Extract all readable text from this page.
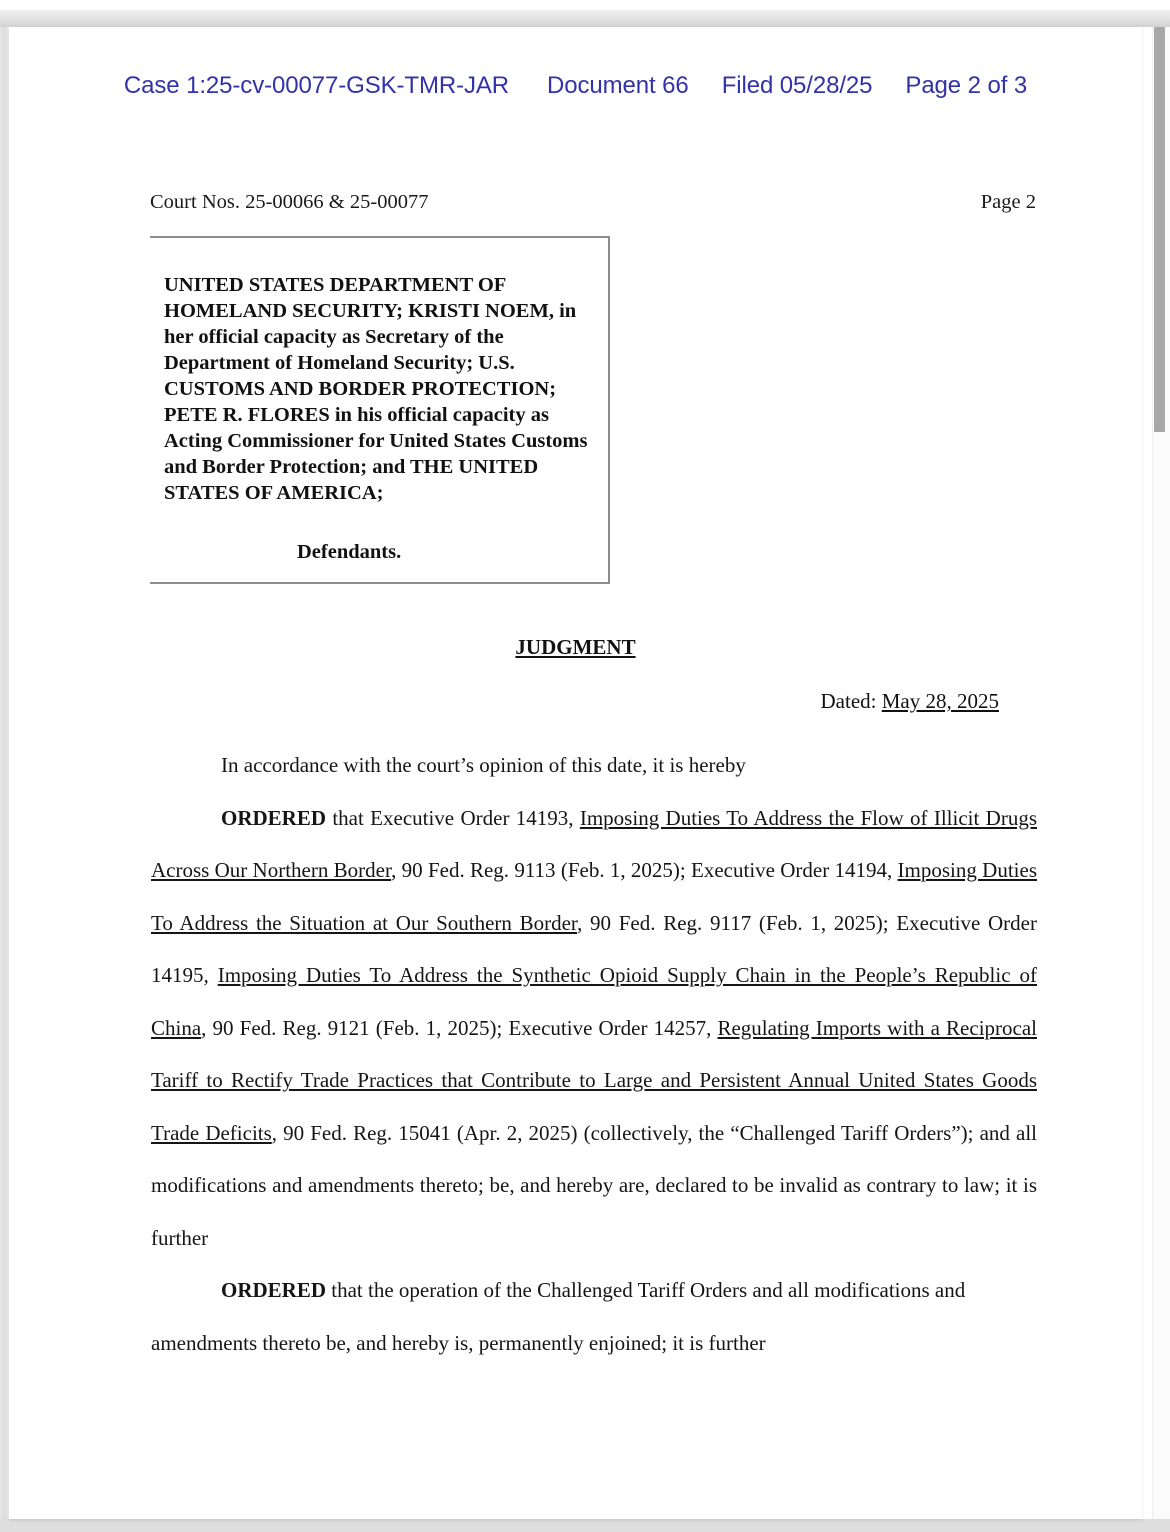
Case 1:25-cv-00077-GSK-TMR-JAR Document 66 Filed 05/28/25 Page 2 of 3
Court Nos. 25-00066 & 25-00077	Page 2
UNITED STATES DEPARTMENT OF HOMELAND SECURITY; KRISTI NOEM, in her official capacity as Secretary of the Department of Homeland Security; U.S. CUSTOMS AND BORDER PROTECTION; PETE R. FLORES in his official capacity as Acting Commissioner for United States Customs and Border Protection; and THE UNITED STATES OF AMERICA;
Defendants.
JUDGMENT
Dated: May 28, 2025

In accordance with the court’s opinion of this date, it is hereby

ORDERED that Executive Order 14193, Imposing Duties To Address the Flow of Illicit Drugs Across Our Northern Border, 90 Fed. Reg. 9113 (Feb. 1, 2025); Executive Order 14194, Imposing Duties To Address the Situation at Our Southern Border, 90 Fed. Reg. 9117 (Feb. 1, 2025); Executive Order 14195, Imposing Duties To Address the Synthetic Opioid Supply Chain in the People’s Republic of China, 90 Fed. Reg. 9121 (Feb. 1, 2025); Executive Order 14257, Regulating Imports with a Reciprocal Tariff to Rectify Trade Practices that Contribute to Large and Persistent Annual United States Goods Trade Deficits, 90 Fed. Reg. 15041 (Apr. 2, 2025) (collectively, the “Challenged Tariff Orders”); and all modifications and amendments thereto; be, and hereby are, declared to be invalid as contrary to law; it is further

ORDERED that the operation of the Challenged Tariff Orders and all modifications and amendments thereto be, and hereby is, permanently enjoined; it is further
